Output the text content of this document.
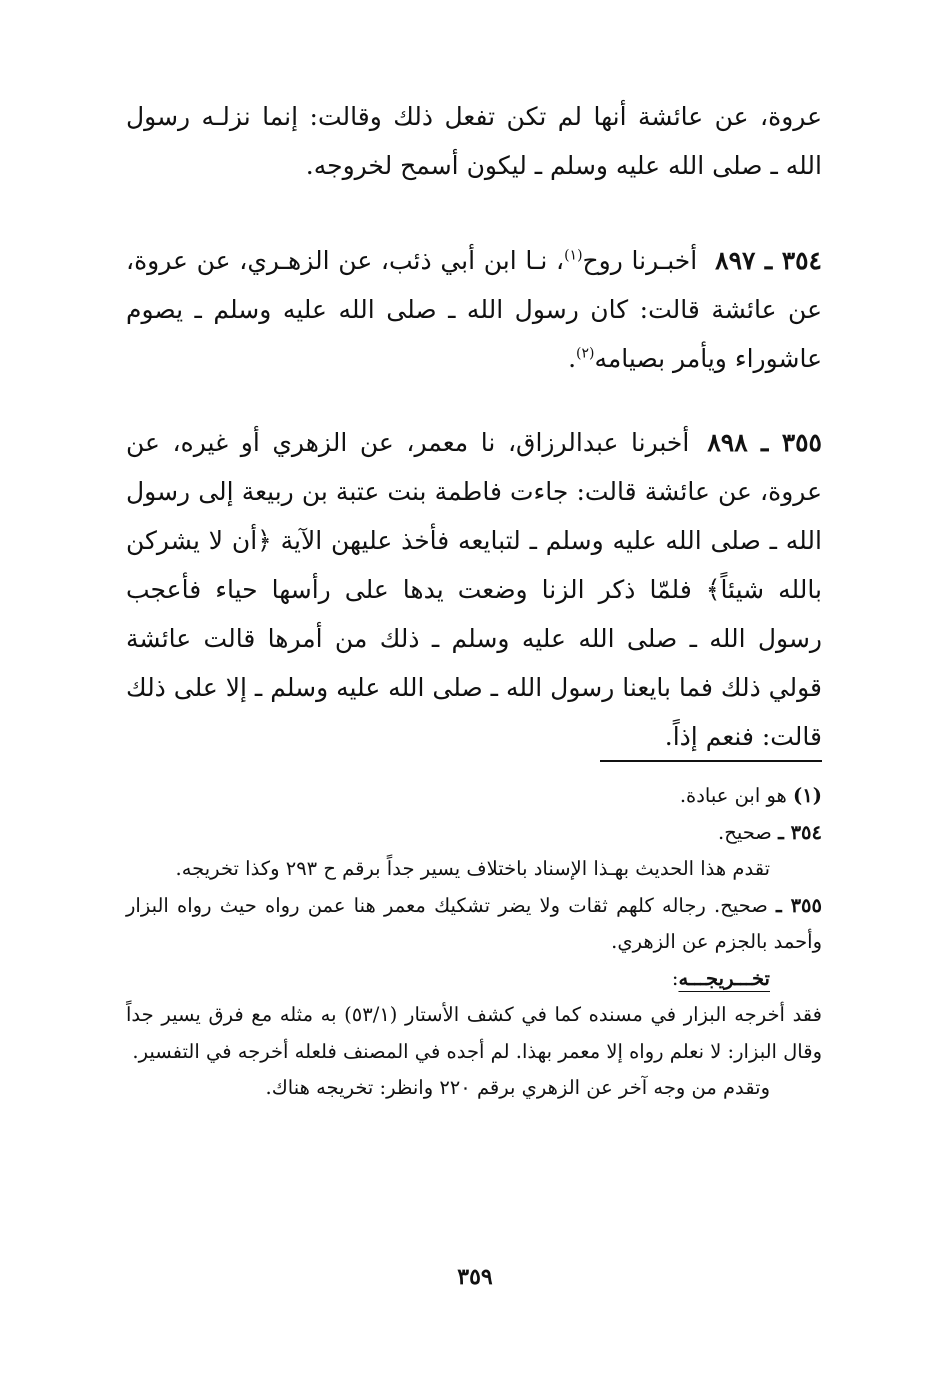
عروة، عن عائشة أنها لم تكن تفعل ذلك وقالت: إنما نزلـه رسول الله ـ صلى الله عليه وسلم ـ ليكون أسمح لخروجه.

٣٥٤ ـ ٨٩٧أخبـرنا روح$^{(١)}$، نـا ابن أبي ذئب، عن الزهـري، عن عروة، عن عائشة قالت: كان رسول الله ـ صلى الله عليه وسلم ـ يصوم عاشوراء ويأمر بصيامه$^{(٢)}$.

٣٥٥ ـ ٨٩٨أخبرنا عبدالرزاق، نا معمر، عن الزهري أو غيره، عن عروة، عن عائشة قالت: جاءت فاطمة بنت عتبة بن ربيعة إلى رسول الله ـ صلى الله عليه وسلم ـ لتبايعه فأخذ عليهن الآية ﴿أن لا يشركن بالله شيئاً﴾ فلمّا ذكر الزنا وضعت يدها على رأسها حياء فأعجب رسول الله ـ صلى الله عليه وسلم ـ ذلك من أمرها قالت عائشة قولي ذلك فما بايعنا رسول الله ـ صلى الله عليه وسلم ـ إلا على ذلك قالت: فنعم إذاً.

(١) هو ابن عبادة.

٣٥٤ ـ صحيح.

تقدم هذا الحديث بهـذا الإسناد باختلاف يسير جداً برقم ح ٢٩٣ وكذا تخريجه.

٣٥٥ ـ صحيح. رجاله كلهم ثقات ولا يضر تشكيك معمر هنا عمن رواه حيث رواه البزار وأحمد بالجزم عن الزهري.

تخـــريجـــه:

فقد أخرجه البزار في مسنده كما في كشف الأستار (٥٣/١) به مثله مع فرق يسير جداً وقال البزار: لا نعلم رواه إلا معمر بهذا. لم أجده في المصنف فلعله أخرجه في التفسير.

وتقدم من وجه آخر عن الزهري برقم ٢٢٠ وانظر: تخريجه هناك.

٣٥٩
